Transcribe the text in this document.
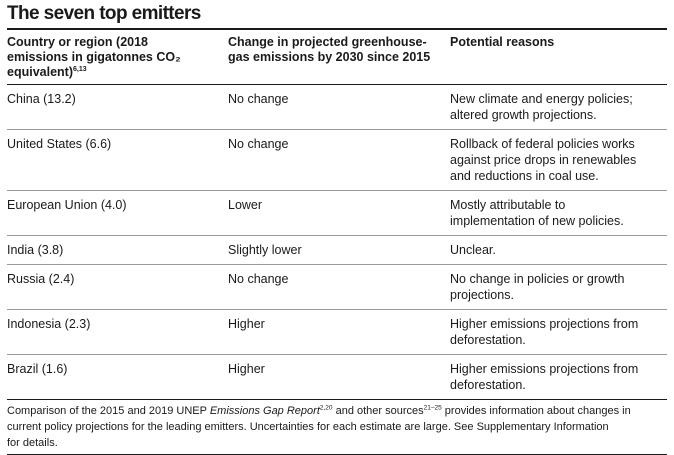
The seven top emitters
Country or region (2018
emissions in gigatonnes CO₂
equivalent)$^{6,13}$	Change in projected greenhouse-
gas emissions by 2030 since 2015	Potential reasons
China (13.2)	No change	New climate and energy policies;
altered growth projections.
United States (6.6)	No change	Rollback of federal policies works
against price drops in renewables
and reductions in coal use.
European Union (4.0)	Lower	Mostly attributable to
implementation of new policies.
India (3.8)	Slightly lower	Unclear.
Russia (2.4)	No change	No change in policies or growth
projections.
Indonesia (2.3)	Higher	Higher emissions projections from
deforestation.
Brazil (1.6)	Higher	Higher emissions projections from
deforestation.
Comparison of the 2015 and 2019 UNEP Emissions Gap Report$^{2,20}$ and other sources$^{21-25}$ provides information about changes in
current policy projections for the leading emitters. Uncertainties for each estimate are large. See Supplementary Information
for details.
